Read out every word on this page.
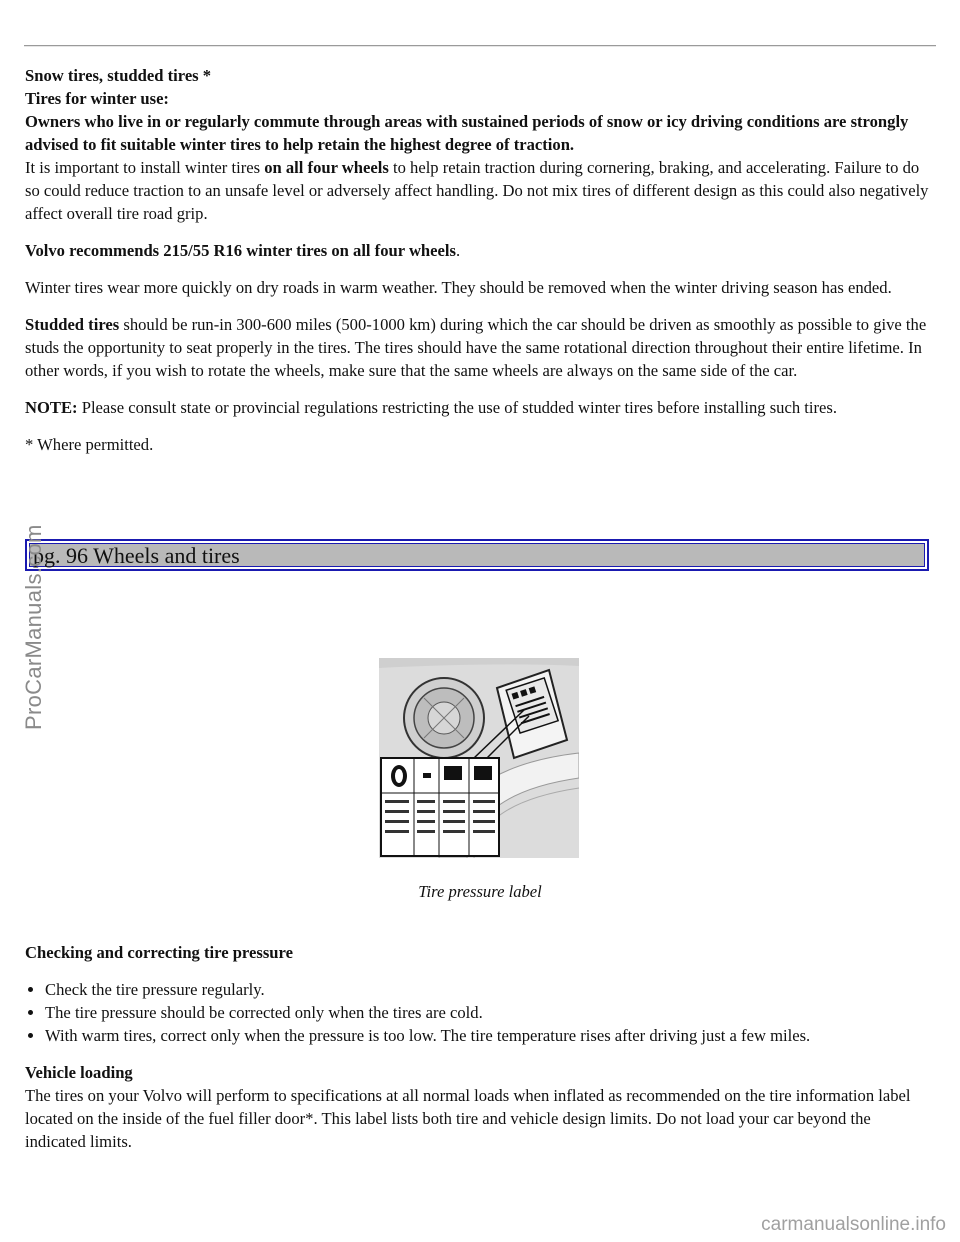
Snow tires, studded tires *

Tires for winter use:

Owners who live in or regularly commute through areas with sustained periods of snow or icy driving conditions are strongly advised to fit suitable winter tires to help retain the highest degree of traction.

It is important to install winter tires on all four wheels to help retain traction during cornering, braking, and accelerating. Failure to do so could reduce traction to an unsafe level or adversely affect handling. Do not mix tires of different design as this could also negatively affect overall tire road grip.

Volvo recommends 215/55 R16 winter tires on all four wheels.

Winter tires wear more quickly on dry roads in warm weather. They should be removed when the winter driving season has ended.

Studded tires should be run-in 300-600 miles (500-1000 km) during which the car should be driven as smoothly as possible to give the studs the opportunity to seat properly in the tires. The tires should have the same rotational direction throughout their entire lifetime. In other words, if you wish to rotate the wheels, make sure that the same wheels are always on the same side of the car.

NOTE: Please consult state or provincial regulations restricting the use of studded winter tires before installing such tires.

* Where permitted.

pg. 96 Wheels and tires

Tire pressure label

Checking and correcting tire pressure

• Check the tire pressure regularly.
• The tire pressure should be corrected only when the tires are cold.
• With warm tires, correct only when the pressure is too low. The tire temperature rises after driving just a few miles.

Vehicle loading

The tires on your Volvo will perform to specifications at all normal loads when inflated as recommended on the tire information label located on the inside of the fuel filler door*. This label lists both tire and vehicle design limits. Do not load your car beyond the indicated limits.

ProCarManuals.com
carmanualsonline.info
